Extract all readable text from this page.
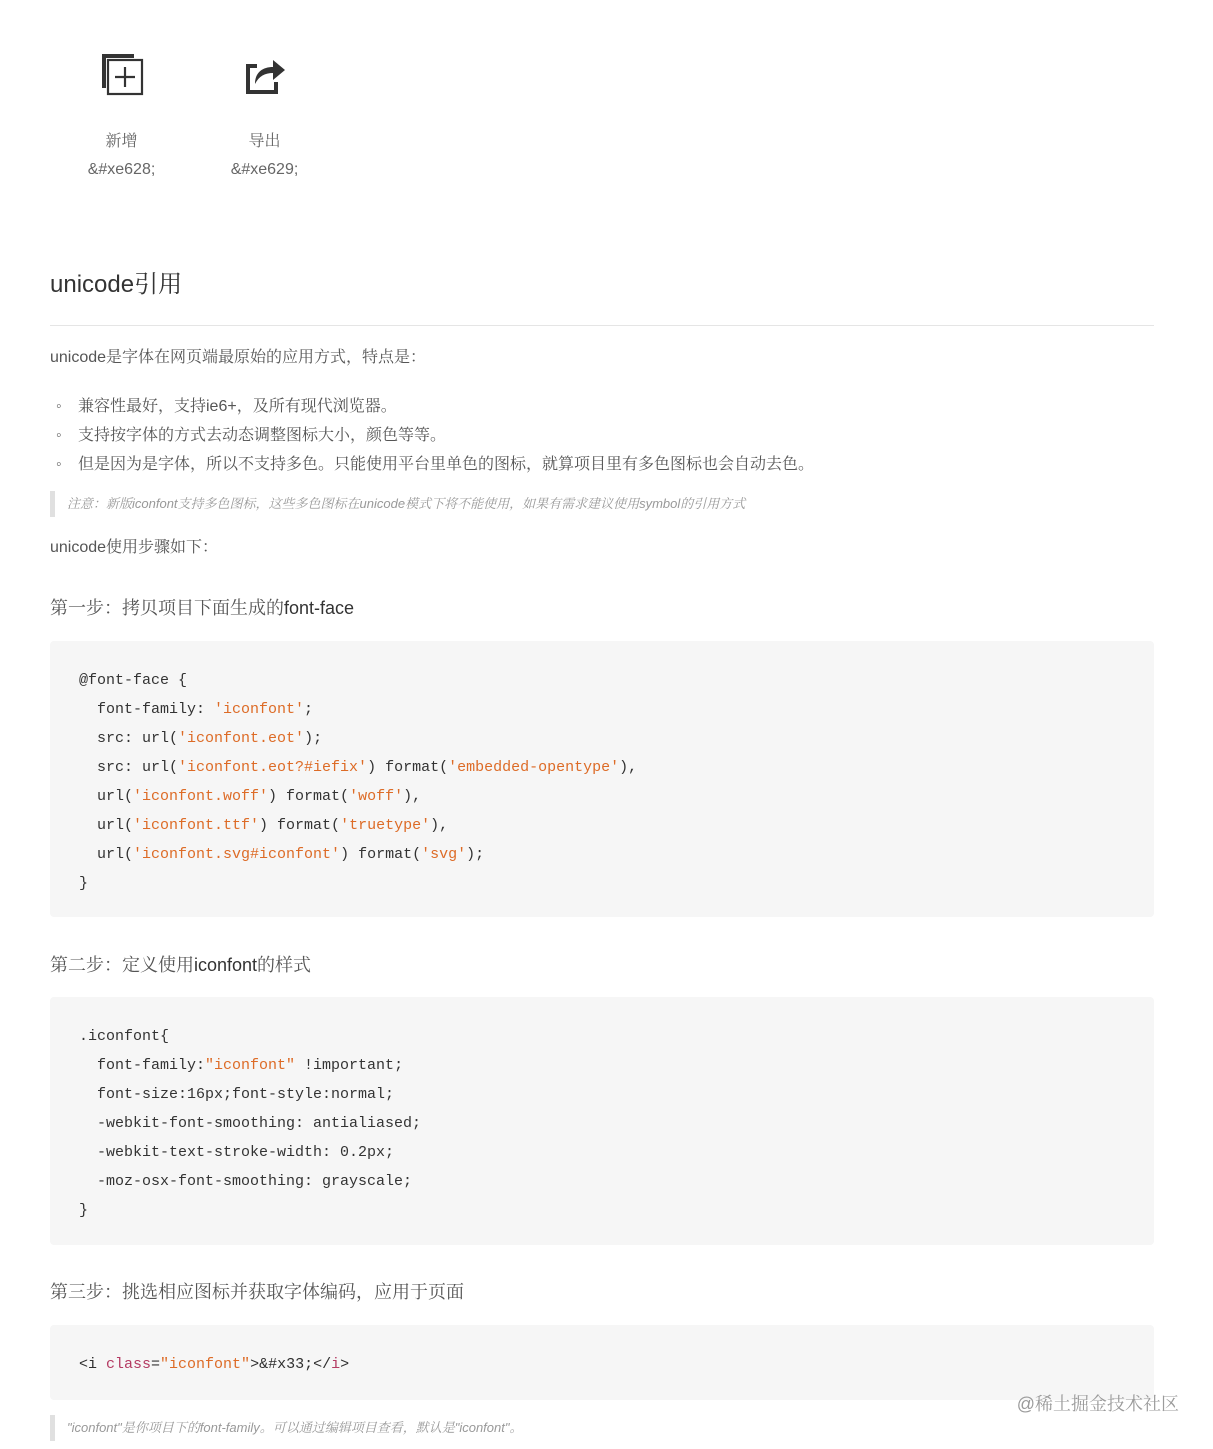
新增
&#xe628;
导出
&#xe629;
unicode引用

unicode是字体在网页端最原始的应用方式，特点是：

◦ 兼容性最好，支持ie6+，及所有现代浏览器。
◦ 支持按字体的方式去动态调整图标大小，颜色等等。
◦ 但是因为是字体，所以不支持多色。只能使用平台里单色的图标，就算项目里有多色图标也会自动去色。
注意：新版iconfont支持多色图标，这些多色图标在unicode模式下将不能使用，如果有需求建议使用symbol的引用方式

unicode使用步骤如下：

第一步：拷贝项目下面生成的font-face
@font-face {
font-family: 'iconfont';
src: url('iconfont.eot');
src: url('iconfont.eot?#iefix') format('embedded-opentype'),
url('iconfont.woff') format('woff'),
url('iconfont.ttf') format('truetype'),
url('iconfont.svg#iconfont') format('svg');
}
第二步：定义使用iconfont的样式
.iconfont{
font-family:"iconfont" !important;
font-size:16px;font-style:normal;
-webkit-font-smoothing: antialiased;
-webkit-text-stroke-width: 0.2px;
-moz-osx-font-smoothing: grayscale;
}
第三步：挑选相应图标并获取字体编码，应用于页面
<i class="iconfont">&#x33;</i>
"iconfont"是你项目下的font-family。可以通过编辑项目查看，默认是"iconfont"。
@稀土掘金技术社区
